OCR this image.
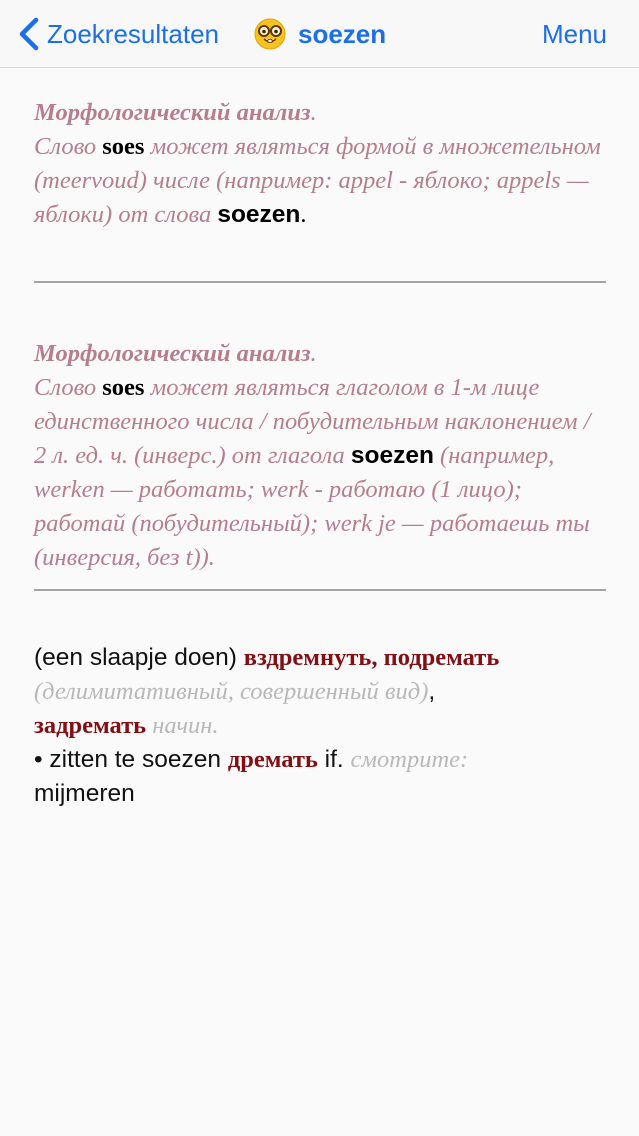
Zoekresultaten	soezen	Menu
Морфологический анализ.
Слово soes может являться формой в множетельном (meervoud) числе (например: appel - яблоко; appels — яблоки) от слова soezen.
Морфологический анализ.
Слово soes может являться глаголом в 1-м лице единственного числа / побудительным наклонением / 2 л. ед. ч. (инверс.) от глагола soezen (например, werken — работать; werk - работаю (1 лицо); работай (побудительный); werk je — работаешь ты (инверсия, без t)).
(een slaapje doen) вздремнуть, подремать
(делимитативный, совершенный вид),
задремать начин.
• zitten te soezen дремать if. смотрите:
mijmeren
